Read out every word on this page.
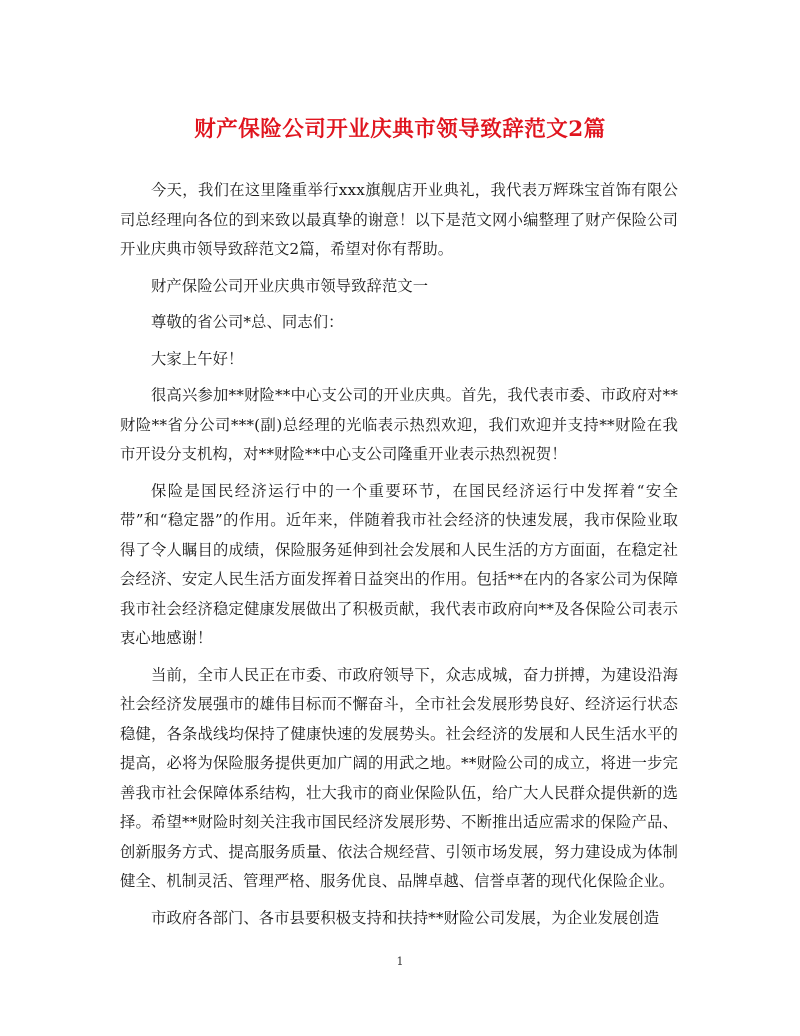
财产保险公司开业庆典市领导致辞范文2篇

今天，我们在这里隆重举行xxx旗舰店开业典礼，我代表万辉珠宝首饰有限公司总经理向各位的到来致以最真挚的谢意！以下是范文网小编整理了财产保险公司开业庆典市领导致辞范文2篇，希望对你有帮助。

财产保险公司开业庆典市领导致辞范文一

尊敬的省公司*总、同志们：

大家上午好！

很高兴参加**财险**中心支公司的开业庆典。首先，我代表市委、市政府对**财险**省分公司***(副)总经理的光临表示热烈欢迎，我们欢迎并支持**财险在我市开设分支机构，对**财险**中心支公司隆重开业表示热烈祝贺！

保险是国民经济运行中的一个重要环节，在国民经济运行中发挥着“安全带”和“稳定器”的作用。近年来，伴随着我市社会经济的快速发展，我市保险业取得了令人瞩目的成绩，保险服务延伸到社会发展和人民生活的方方面面，在稳定社会经济、安定人民生活方面发挥着日益突出的作用。包括**在内的各家公司为保障我市社会经济稳定健康发展做出了积极贡献，我代表市政府向**及各保险公司表示衷心地感谢！

当前，全市人民正在市委、市政府领导下，众志成城，奋力拼搏，为建设沿海社会经济发展强市的雄伟目标而不懈奋斗，全市社会发展形势良好、经济运行状态稳健，各条战线均保持了健康快速的发展势头。社会经济的发展和人民生活水平的提高，必将为保险服务提供更加广阔的用武之地。**财险公司的成立，将进一步完善我市社会保障体系结构，壮大我市的商业保险队伍，给广大人民群众提供新的选择。希望**财险时刻关注我市国民经济发展形势、不断推出适应需求的保险产品、创新服务方式、提高服务质量、依法合规经营、引领市场发展，努力建设成为体制健全、机制灵活、管理严格、服务优良、品牌卓越、信誉卓著的现代化保险企业。

市政府各部门、各市县要积极支持和扶持**财险公司发展，为企业发展创造

1
